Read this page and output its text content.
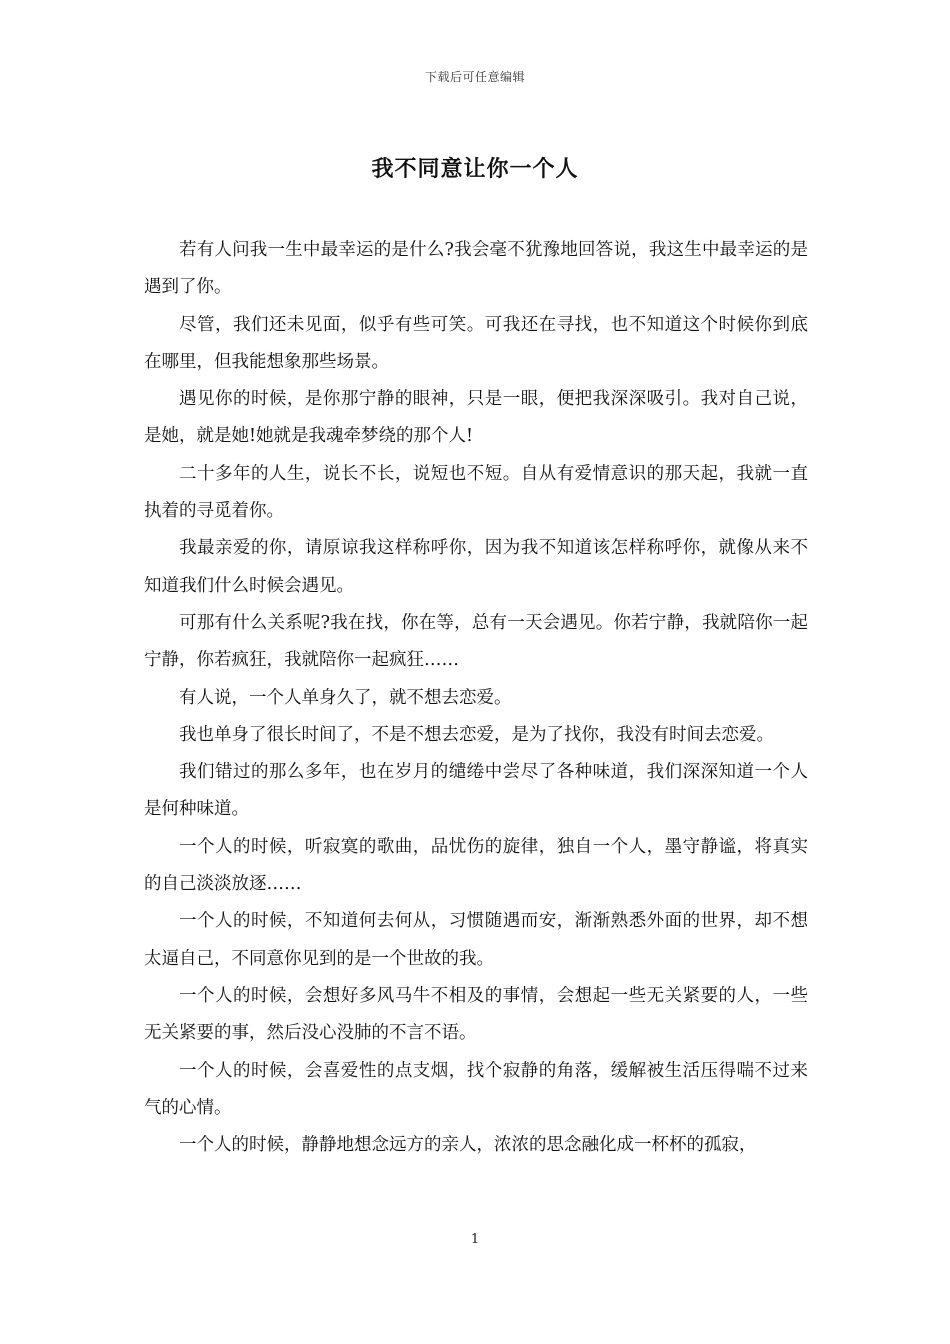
下载后可任意编辑
我不同意让你一个人

若有人问我一生中最幸运的是什么?我会毫不犹豫地回答说，我这生中最幸运的是遇到了你。

尽管，我们还未见面，似乎有些可笑。可我还在寻找，也不知道这个时候你到底在哪里，但我能想象那些场景。

遇见你的时候，是你那宁静的眼神，只是一眼，便把我深深吸引。我对自己说，是她，就是她!她就是我魂牵梦绕的那个人!

二十多年的人生，说长不长，说短也不短。自从有爱情意识的那天起，我就一直执着的寻觅着你。

我最亲爱的你，请原谅我这样称呼你，因为我不知道该怎样称呼你，就像从来不知道我们什么时候会遇见。

可那有什么关系呢?我在找，你在等，总有一天会遇见。你若宁静，我就陪你一起宁静，你若疯狂，我就陪你一起疯狂……

有人说，一个人单身久了，就不想去恋爱。

我也单身了很长时间了，不是不想去恋爱，是为了找你，我没有时间去恋爱。

我们错过的那么多年，也在岁月的缱绻中尝尽了各种味道，我们深深知道一个人是何种味道。

一个人的时候，听寂寞的歌曲，品忧伤的旋律，独自一个人，墨守静谧，将真实的自己淡淡放逐……

一个人的时候，不知道何去何从，习惯随遇而安，渐渐熟悉外面的世界，却不想太逼自己，不同意你见到的是一个世故的我。

一个人的时候，会想好多风马牛不相及的事情，会想起一些无关紧要的人，一些无关紧要的事，然后没心没肺的不言不语。

一个人的时候，会喜爱性的点支烟，找个寂静的角落，缓解被生活压得喘不过来气的心情。

一个人的时候，静静地想念远方的亲人，浓浓的思念融化成一杯杯的孤寂，

1
